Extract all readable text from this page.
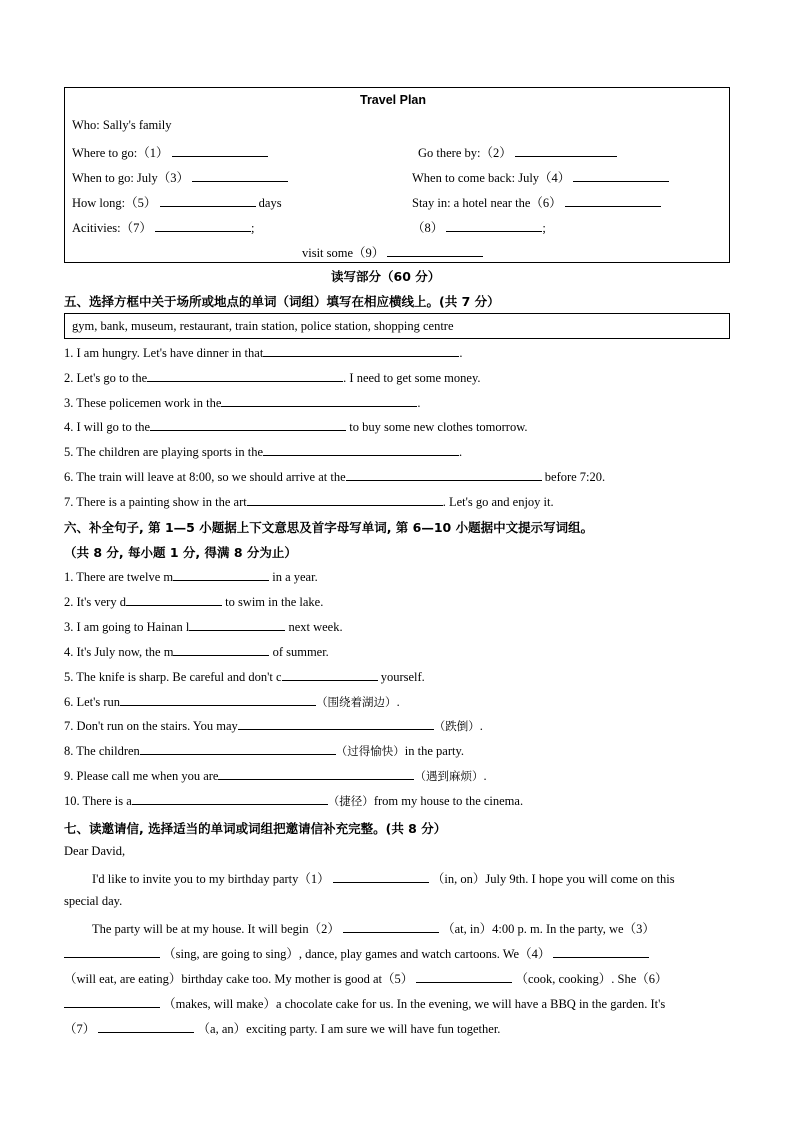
Travel Plan
Who: Sally's family
Where to go:（1）	Go there by:（2）
When to go: July（3）	When to come back: July（4）
How long:（5）	days	Stay in: a hotel near the（6）
Acitivies:（7）	;	（8）	;
visit some（9）
读写部分（60 分）
五、选择方框中关于场所或地点的单词（词组）填写在相应横线上。(共 7 分）
gym, bank, museum, restaurant, train station, police station, shopping centre
1. I am hungry. Let's have dinner in that	.
2. Let's go to the	. I need to get some money.
3. These policemen work in the	.
4. I will go to the	to buy some new clothes tomorrow.
5. The children are playing sports in the	.
6. The train will leave at 8:00, so we should arrive at the	before 7:20.
7. There is a painting show in the art	. Let's go and enjoy it.
六、补全句子, 第 1—5 小题据上下文意思及首字母写单词, 第 6—10 小题据中文提示写词组。
（共 8 分, 每小题 1 分, 得满 8 分为止）
1. There are twelve m	in a year.
2. It's very d	to swim in the lake.
3. I am going to Hainan l	next week.
4. It's July now, the m	of summer.
5. The knife is sharp. Be careful and don't c	yourself.
6. Let's run	（围绕着湖边）.
7. Don't run on the stairs. You may	（跌倒）.
8. The children	（过得愉快）in the party.
9. Please call me when you are	（遇到麻烦）.
10. There is a	（捷径）from my house to the cinema.
七、读邀请信, 选择适当的单词或词组把邀请信补充完整。(共 8 分）
Dear David,
I'd like to invite you to my birthday party（1）	（in, on）July 9th. I hope you will come on this
special day.
The party will be at my house. It will begin（2）	（at, in）4:00 p. m. In the party, we（3）
（sing, are going to sing）, dance, play games and watch cartoons. We（4）
（will eat, are eating）birthday cake too. My mother is good at（5）	（cook, cooking）. She（6）
（makes, will make）a chocolate cake for us. In the evening, we will have a BBQ in the garden. It's
（7）	（a, an）exciting party. I am sure we will have fun together.
